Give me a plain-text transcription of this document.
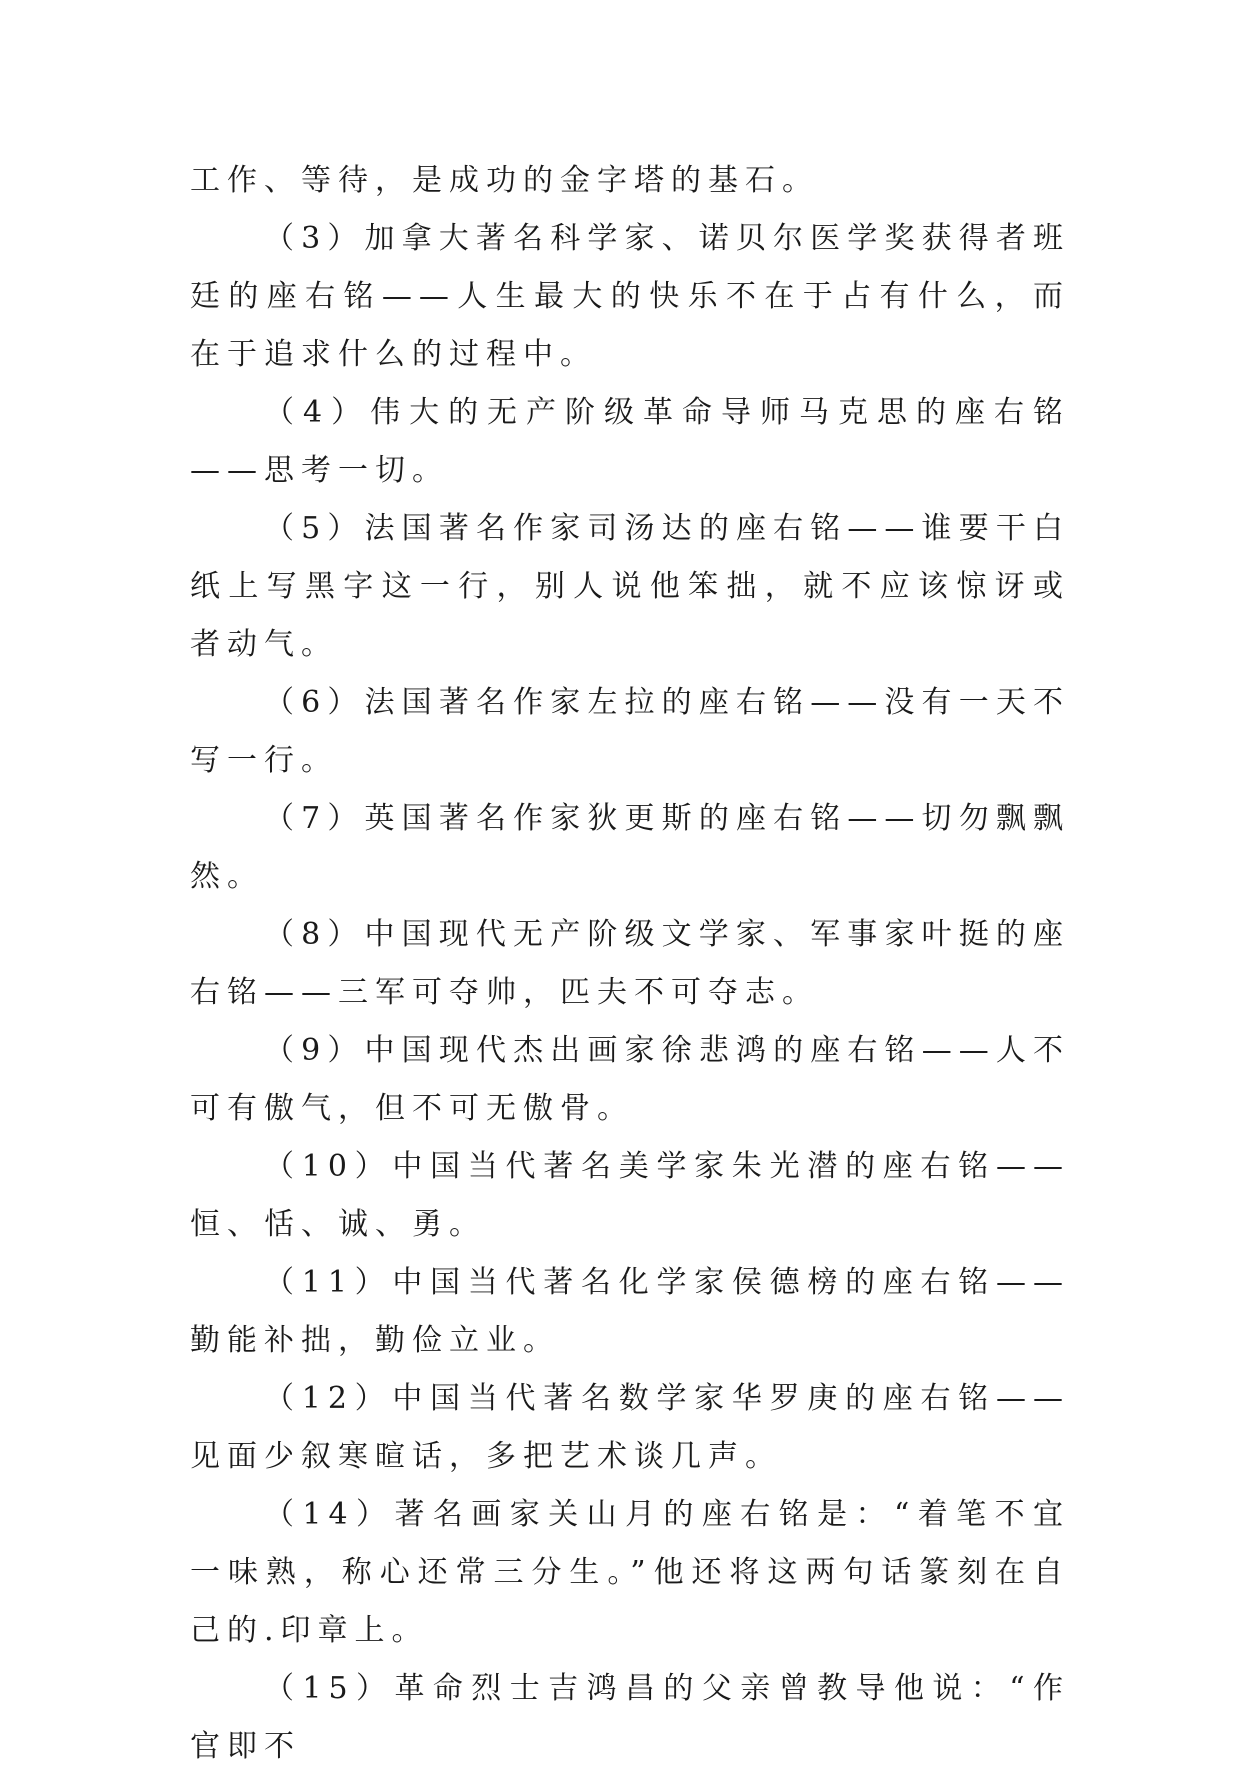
工作、等待，是成功的金字塔的基石。

（3）加拿大著名科学家、诺贝尔医学奖获得者班廷的座右铭——人生最大的快乐不在于占有什么，而在于追求什么的过程中。

（4）伟大的无产阶级革命导师马克思的座右铭——思考一切。

（5）法国著名作家司汤达的座右铭——谁要干白纸上写黑字这一行，别人说他笨拙，就不应该惊讶或者动气。

（6）法国著名作家左拉的座右铭——没有一天不写一行。

（7）英国著名作家狄更斯的座右铭——切勿飘飘然。

（8）中国现代无产阶级文学家、军事家叶挺的座右铭——三军可夺帅，匹夫不可夺志。

（9）中国现代杰出画家徐悲鸿的座右铭——人不可有傲气，但不可无傲骨。

（10）中国当代著名美学家朱光潜的座右铭——恒、恬、诚、勇。

（11）中国当代著名化学家侯德榜的座右铭——勤能补拙，勤俭立业。

（12）中国当代著名数学家华罗庚的座右铭——见面少叙寒暄话，多把艺术谈几声。

（14）著名画家关山月的座右铭是：“着笔不宜一味熟，称心还常三分生。”他还将这两句话篆刻在自己的.印章上。

（15）革命烈士吉鸿昌的父亲曾教导他说：“作官即不
